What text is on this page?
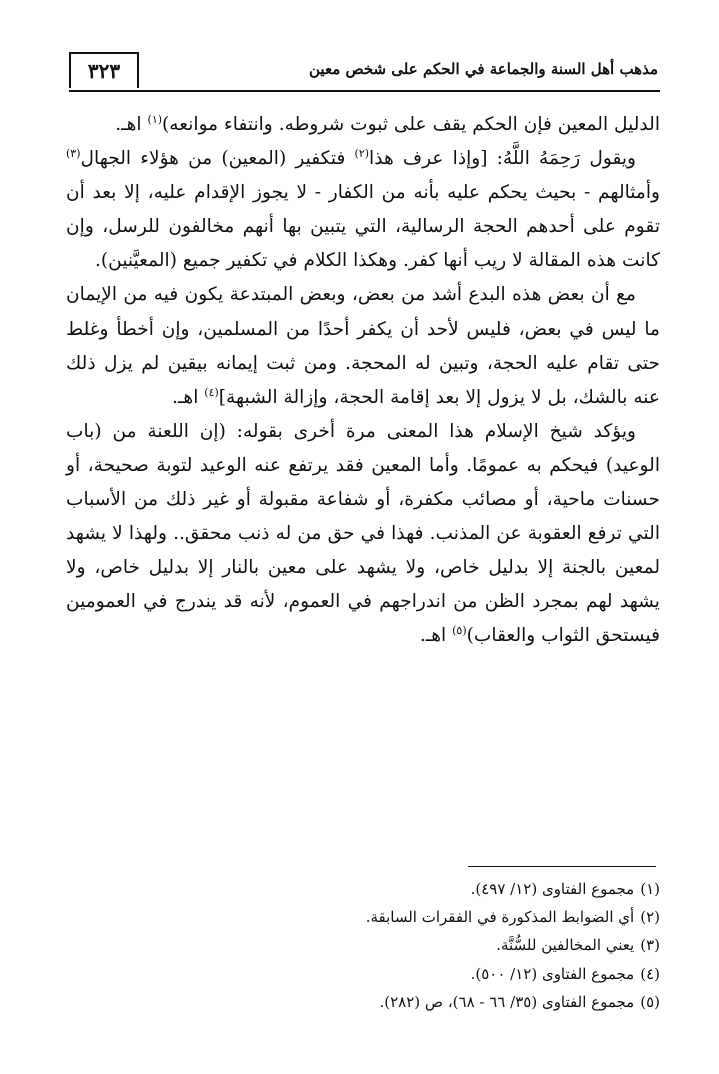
مذهب أهل السنة والجماعة في الحكم على شخص معين
٣٢٣

الدليل المعين فإن الحكم يقف على ثبوت شروطه. وانتفاء موانعه)$^{(١)}$ اهـ.

ويقول رَحِمَهُ اللَّهُ: [وإذا عرف هذا$^{(٢)}$ فتكفير (المعين) من هؤلاء الجهال$^{(٣)}$ وأمثالهم - بحيث يحكم عليه بأنه من الكفار - لا يجوز الإقدام عليه، إلا بعد أن تقوم على أحدهم الحجة الرسالية، التي يتبين بها أنهم مخالفون للرسل، وإن كانت هذه المقالة لا ريب أنها كفر. وهكذا الكلام في تكفير جميع (المعيَّنين).

مع أن بعض هذه البدع أشد من بعض، وبعض المبتدعة يكون فيه من الإيمان ما ليس في بعض، فليس لأحد أن يكفر أحدًا من المسلمين، وإن أخطأ وغلط حتى تقام عليه الحجة، وتبين له المحجة. ومن ثبت إيمانه بيقين لم يزل ذلك عنه بالشك، بل لا يزول إلا بعد إقامة الحجة، وإزالة الشبهة]$^{(٤)}$ اهـ.

ويؤكد شيخ الإسلام هذا المعنى مرة أخرى بقوله: (إن اللعنة من (باب الوعيد) فيحكم به عمومًا. وأما المعين فقد يرتفع عنه الوعيد لتوبة صحيحة، أو حسنات ماحية، أو مصائب مكفرة، أو شفاعة مقبولة أو غير ذلك من الأسباب التي ترفع العقوبة عن المذنب. فهذا في حق من له ذنب محقق.. ولهذا لا يشهد لمعين بالجنة إلا بدليل خاص، ولا يشهد على معين بالنار إلا بدليل خاص، ولا يشهد لهم بمجرد الظن من اندراجهم في العموم، لأنه قد يندرج في العمومين فيستحق الثواب والعقاب)$^{(٥)}$ اهـ.

(١)مجموع الفتاوى (١٢/ ٤٩٧).

(٢)أي الضوابط المذكورة في الفقرات السابقة.

(٣)يعني المخالفين للسُّنَّة.

(٤)مجموع الفتاوى (١٢/ ٥٠٠).

(٥)مجموع الفتاوى (٣٥/ ٦٦ - ٦٨)، ص (٢٨٢).
